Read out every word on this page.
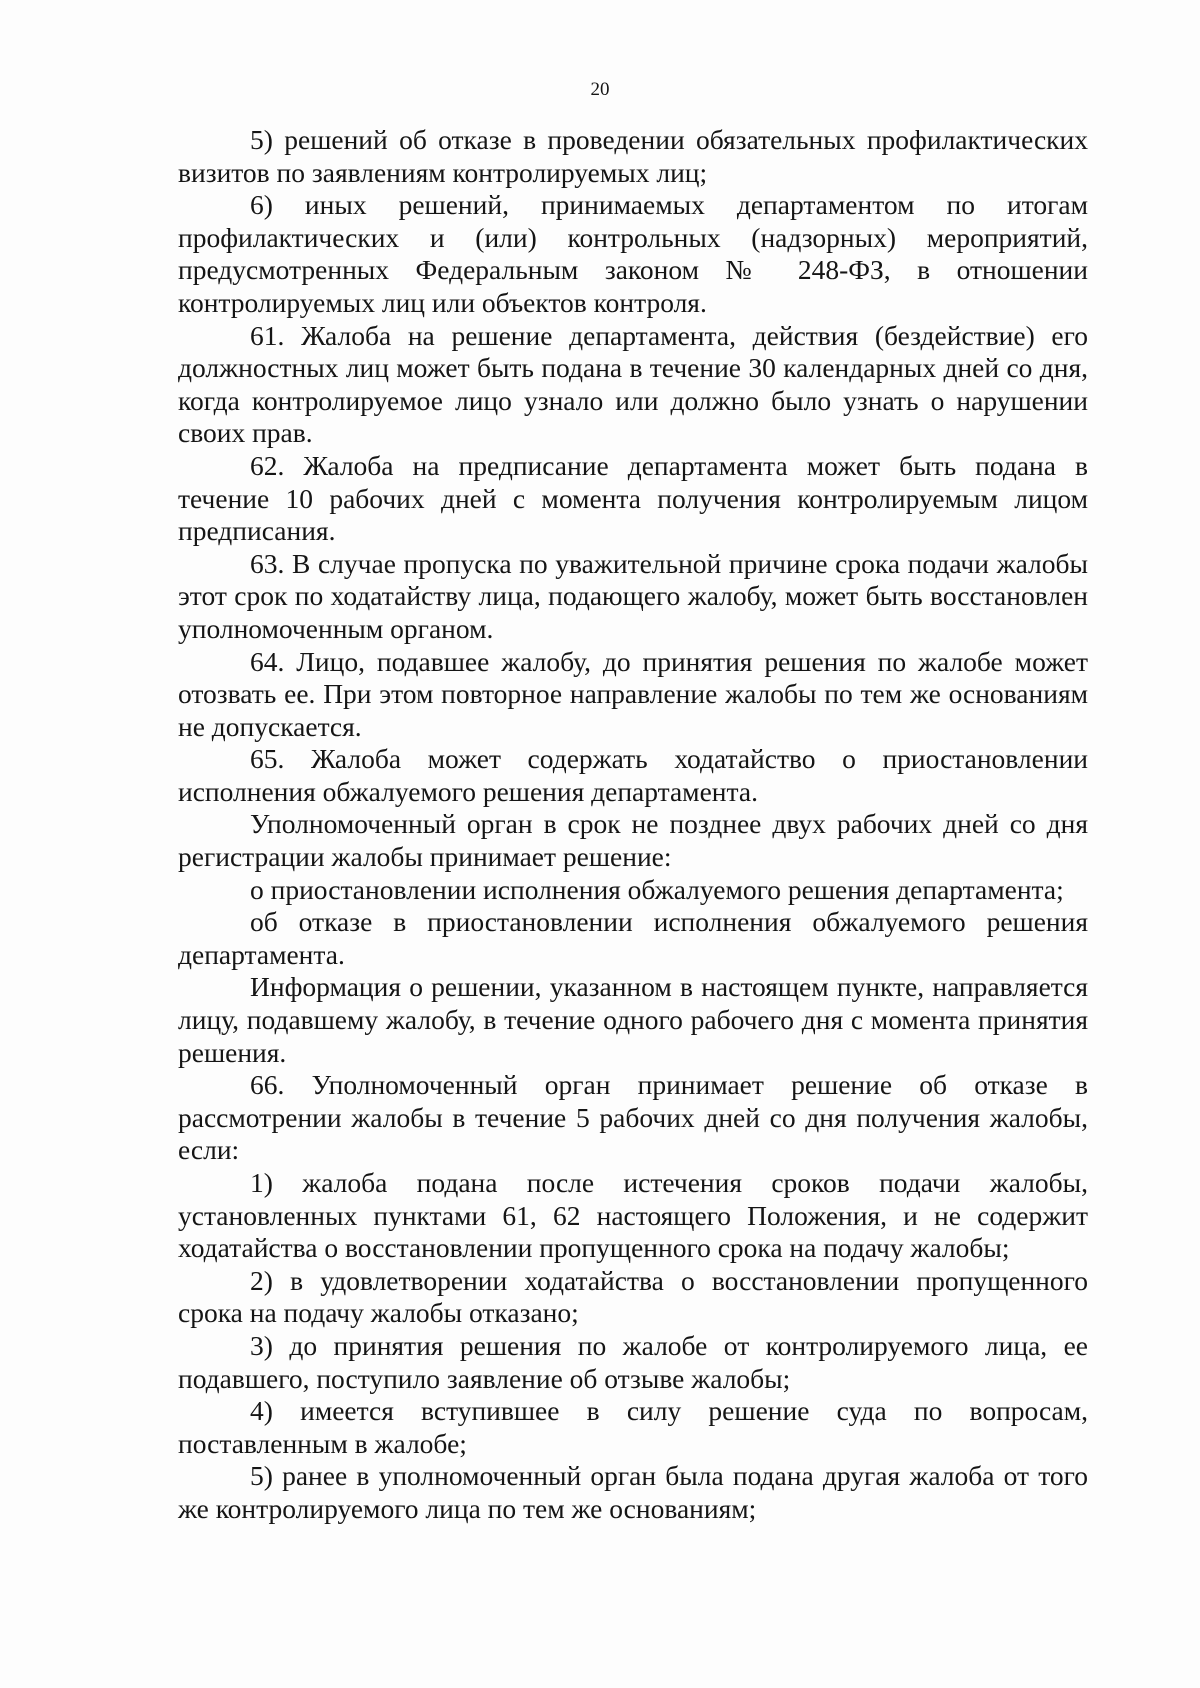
20

5) решений об отказе в проведении обязательных профилактических визитов по заявлениям контролируемых лиц;

6) иных решений, принимаемых департаментом по итогам профилактических и (или) контрольных (надзорных) мероприятий, предусмотренных Федеральным законом № 248-ФЗ, в отношении контролируемых лиц или объектов контроля.

61. Жалоба на решение департамента, действия (бездействие) его должностных лиц может быть подана в течение 30 календарных дней со дня, когда контролируемое лицо узнало или должно было узнать о нарушении своих прав.

62. Жалоба на предписание департамента может быть подана в течение 10 рабочих дней с момента получения контролируемым лицом предписания.

63. В случае пропуска по уважительной причине срока подачи жалобы этот срок по ходатайству лица, подающего жалобу, может быть восстановлен уполномоченным органом.

64. Лицо, подавшее жалобу, до принятия решения по жалобе может отозвать ее. При этом повторное направление жалобы по тем же основаниям не допускается.

65. Жалоба может содержать ходатайство о приостановлении исполнения обжалуемого решения департамента.

Уполномоченный орган в срок не позднее двух рабочих дней со дня регистрации жалобы принимает решение:

о приостановлении исполнения обжалуемого решения департамента;

об отказе в приостановлении исполнения обжалуемого решения департамента.

Информация о решении, указанном в настоящем пункте, направляется лицу, подавшему жалобу, в течение одного рабочего дня с момента принятия решения.

66. Уполномоченный орган принимает решение об отказе в рассмотрении жалобы в течение 5 рабочих дней со дня получения жалобы, если:

1) жалоба подана после истечения сроков подачи жалобы, установленных пунктами 61, 62 настоящего Положения, и не содержит ходатайства о восстановлении пропущенного срока на подачу жалобы;

2) в удовлетворении ходатайства о восстановлении пропущенного срока на подачу жалобы отказано;

3) до принятия решения по жалобе от контролируемого лица, ее подавшего, поступило заявление об отзыве жалобы;

4) имеется вступившее в силу решение суда по вопросам, поставленным в жалобе;

5) ранее в уполномоченный орган была подана другая жалоба от того же контролируемого лица по тем же основаниям;
